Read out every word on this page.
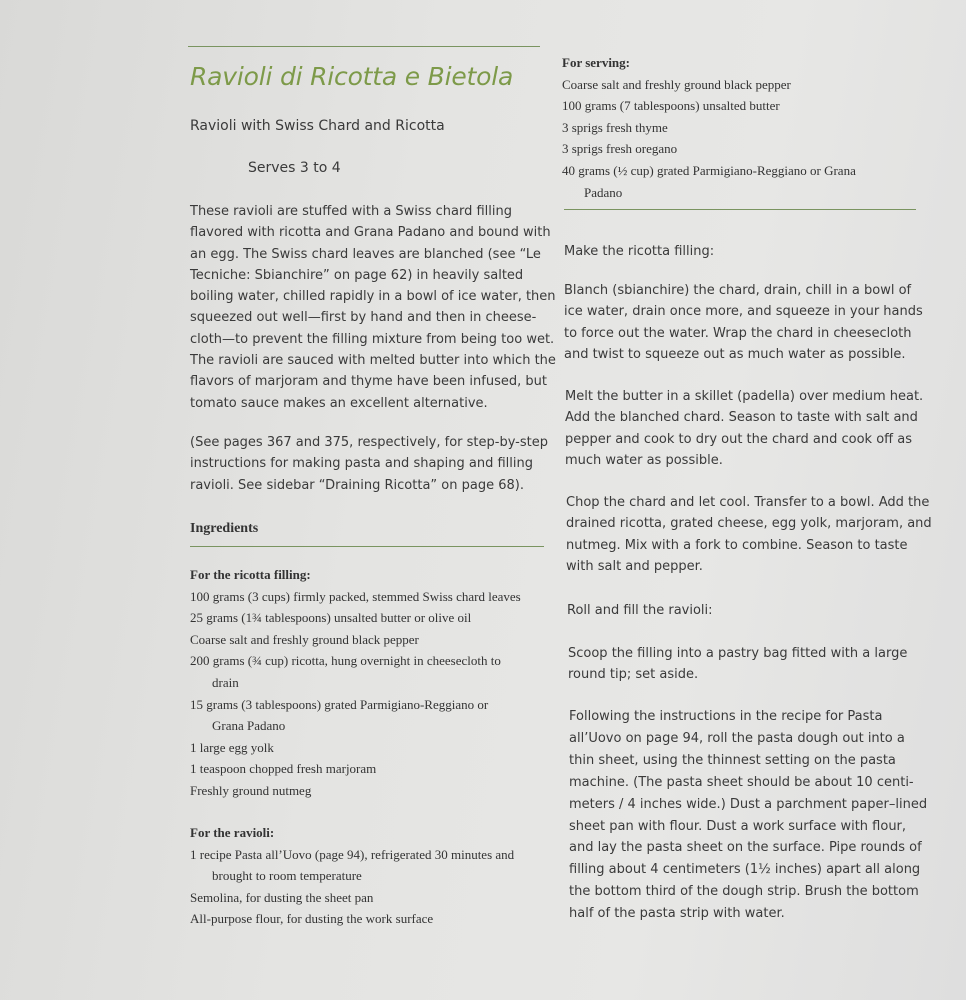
Ravioli di Ricotta e Bietola
Ravioli with Swiss Chard and Ricotta
Serves 3 to 4
These ravioli are stuffed with a Swiss chard filling
flavored with ricotta and Grana Padano and bound with
an egg. The Swiss chard leaves are blanched (see “Le
Tecniche: Sbianchire” on page 62) in heavily salted
boiling water, chilled rapidly in a bowl of ice water, then
squeezed out well—first by hand and then in cheese-
cloth—to prevent the filling mixture from being too wet.
The ravioli are sauced with melted butter into which the
flavors of marjoram and thyme have been infused, but
tomato sauce makes an excellent alternative.
(See pages 367 and 375, respectively, for step-by-step
instructions for making pasta and shaping and filling
ravioli. See sidebar “Draining Ricotta” on page 68).
Ingredients
For the ricotta filling:
100 grams (3 cups) firmly packed, stemmed Swiss chard leaves
25 grams (1¾ tablespoons) unsalted butter or olive oil
Coarse salt and freshly ground black pepper
200 grams (¾ cup) ricotta, hung overnight in cheesecloth to
drain
15 grams (3 tablespoons) grated Parmigiano-Reggiano or
Grana Padano
1 large egg yolk
1 teaspoon chopped fresh marjoram
Freshly ground nutmeg
For the ravioli:
1 recipe Pasta all’Uovo (page 94), refrigerated 30 minutes and
brought to room temperature
Semolina, for dusting the sheet pan
All-purpose flour, for dusting the work surface
For serving:
Coarse salt and freshly ground black pepper
100 grams (7 tablespoons) unsalted butter
3 sprigs fresh thyme
3 sprigs fresh oregano
40 grams (½ cup) grated Parmigiano-Reggiano or Grana
Padano
Make the ricotta filling:
Blanch (sbianchire) the chard, drain, chill in a bowl of
ice water, drain once more, and squeeze in your hands
to force out the water. Wrap the chard in cheesecloth
and twist to squeeze out as much water as possible.
Melt the butter in a skillet (padella) over medium heat.
Add the blanched chard. Season to taste with salt and
pepper and cook to dry out the chard and cook off as
much water as possible.
Chop the chard and let cool. Transfer to a bowl. Add the
drained ricotta, grated cheese, egg yolk, marjoram, and
nutmeg. Mix with a fork to combine. Season to taste
with salt and pepper.
Roll and fill the ravioli:
Scoop the filling into a pastry bag fitted with a large
round tip; set aside.
Following the instructions in the recipe for Pasta
all’Uovo on page 94, roll the pasta dough out into a
thin sheet, using the thinnest setting on the pasta
machine. (The pasta sheet should be about 10 centi-
meters / 4 inches wide.) Dust a parchment paper–lined
sheet pan with flour. Dust a work surface with flour,
and lay the pasta sheet on the surface. Pipe rounds of
filling about 4 centimeters (1½ inches) apart all along
the bottom third of the dough strip. Brush the bottom
half of the pasta strip with water.
